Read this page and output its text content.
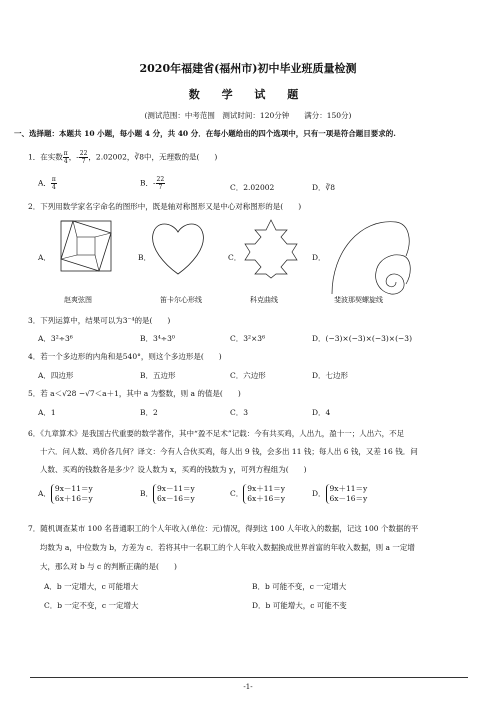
2020年福建省(福州市)初中毕业班质量检测
数 学 试 题
(测试范围：中考范围　测试时间：120分钟　　满分：150分)
一、选择题：本题共 10 小题，每小题 4 分，共 40 分．在每小题给出的四个选项中，只有一项是符合题目要求的.
1．在实数 $\frac{\pi}{4}$ ，- $\frac{22}{7}$ ，2.02002，∛8中，无理数的是(　　)
A． $\frac{\pi}{4}$	B．- $\frac{22}{7}$	C．2.02002	D．∛8
2．下列用数学家名字命名的图形中，既是轴对称图形又是中心对称图形的是(　　)
A．	B．	C．	D．
赵爽弦图	笛卡尔心形线	科克曲线	斐波那契螺旋线
3．下列运算中，结果可以为3⁻⁴的是(　　)
A．3²÷3⁶	B．3⁴÷3⁰	C．3²×3⁶	D．(−3)×(−3)×(−3)×(−3)
4．若一个多边形的内角和是540°，则这个多边形是(　　)
A．四边形	B．五边形	C．六边形	D．七边形
5．若 a＜√28 −√7＜a＋1，其中 a 为整数，则 a 的值是(　　)
A．1	B．2	C．3	D．4
6．《九章算术》是我国古代重要的数学著作，其中“盈不足术”记载：今有共买鸡，人出九，盈十一；人出六，不足
十六．问人数、鸡价各几何？译文：今有人合伙买鸡，每人出 9 钱，会多出 11 钱；每人出 6 钱，又差 16 钱．问
人数、买鸡的钱数各是多少？设人数为 x，买鸡的钱数为 y，可列方程组为(　　)
A．
9x－11＝y
6x＋16＝y
B．
9x－11＝y
6x－16＝y
C．
9x＋11＝y
6x＋16＝y
D．
9x＋11＝y
6x－16＝y
7．随机调查某市 100 名普通职工的个人年收入(单位：元)情况，得到这 100 人年收入的数据，记这 100 个数据的平
均数为 a，中位数为 b，方差为 c．若将其中一名职工的个人年收入数据换成世界首富的年收入数据，则 a 一定增
大，那么对 b 与 c 的判断正确的是(　　)
A．b 一定增大，c 可能增大	B．b 可能不变，c 一定增大
C．b 一定不变，c 一定增大	D．b 可能增大，c 可能不变
-1-
